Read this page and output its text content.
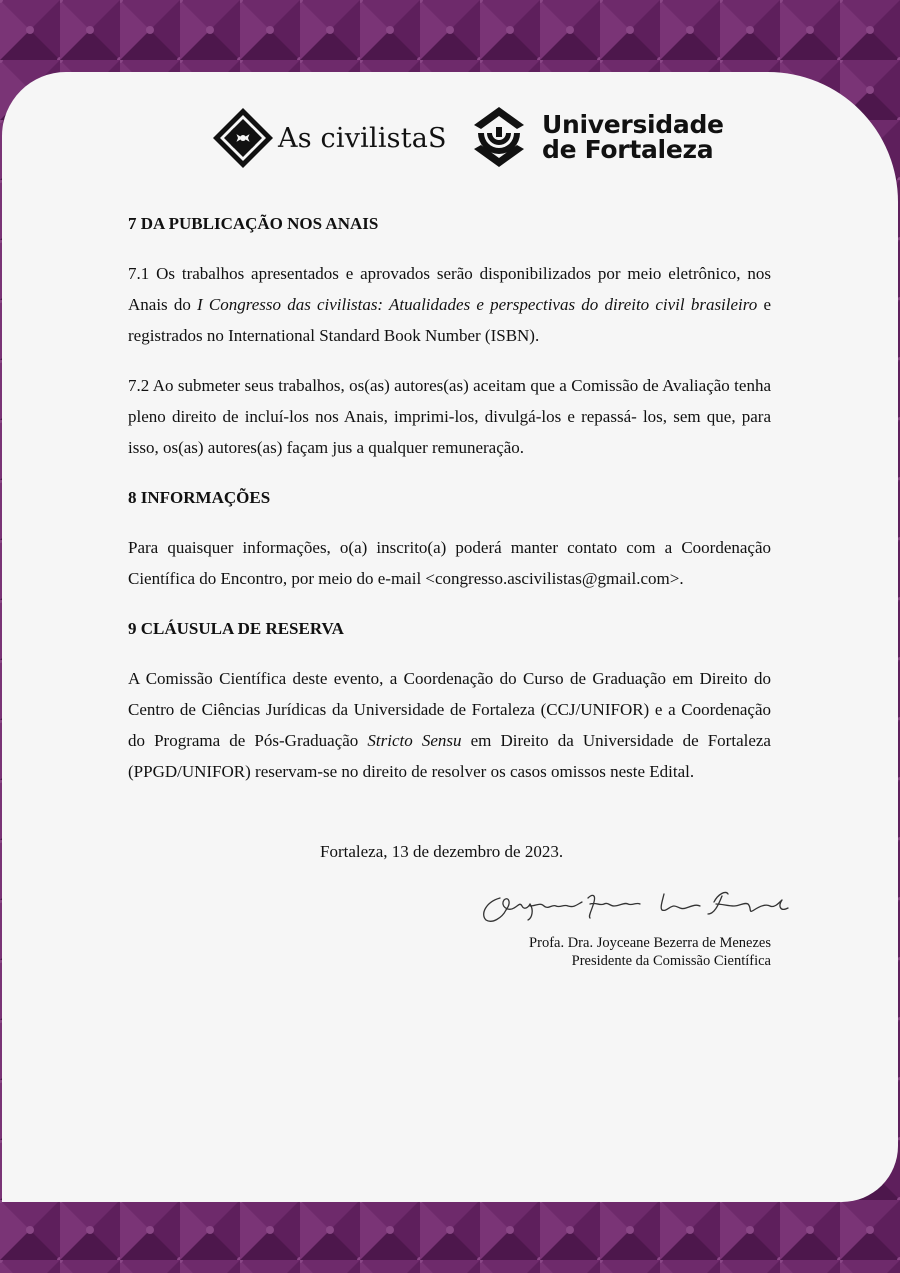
As civilistaS	Universidade
de Fortaleza
7 DA PUBLICAÇÃO NOS ANAIS

7.1 Os trabalhos apresentados e aprovados serão disponibilizados por meio eletrônico, nos Anais do I Congresso das civilistas: Atualidades e perspectivas do direito civil brasileiro e registrados no International Standard Book Number (ISBN).

7.2 Ao submeter seus trabalhos, os(as) autores(as) aceitam que a Comissão de Avaliação tenha pleno direito de incluí-los nos Anais, imprimi-los, divulgá-los e repassá- los, sem que, para isso, os(as) autores(as) façam jus a qualquer remuneração.

8 INFORMAÇÕES

Para quaisquer informações, o(a) inscrito(a) poderá manter contato com a Coordenação Científica do Encontro, por meio do e-mail <congresso.ascivilistas@gmail.com>.

9 CLÁUSULA DE RESERVA

A Comissão Científica deste evento, a Coordenação do Curso de Graduação em Direito do Centro de Ciências Jurídicas da Universidade de Fortaleza (CCJ/UNIFOR) e a Coordenação do Programa de Pós-Graduação Stricto Sensu em Direito da Universidade de Fortaleza (PPGD/UNIFOR) reservam-se no direito de resolver os casos omissos neste Edital.

Fortaleza, 13 de dezembro de 2023.
Profa. Dra. Joyceane Bezerra de Menezes
Presidente da Comissão Científica
